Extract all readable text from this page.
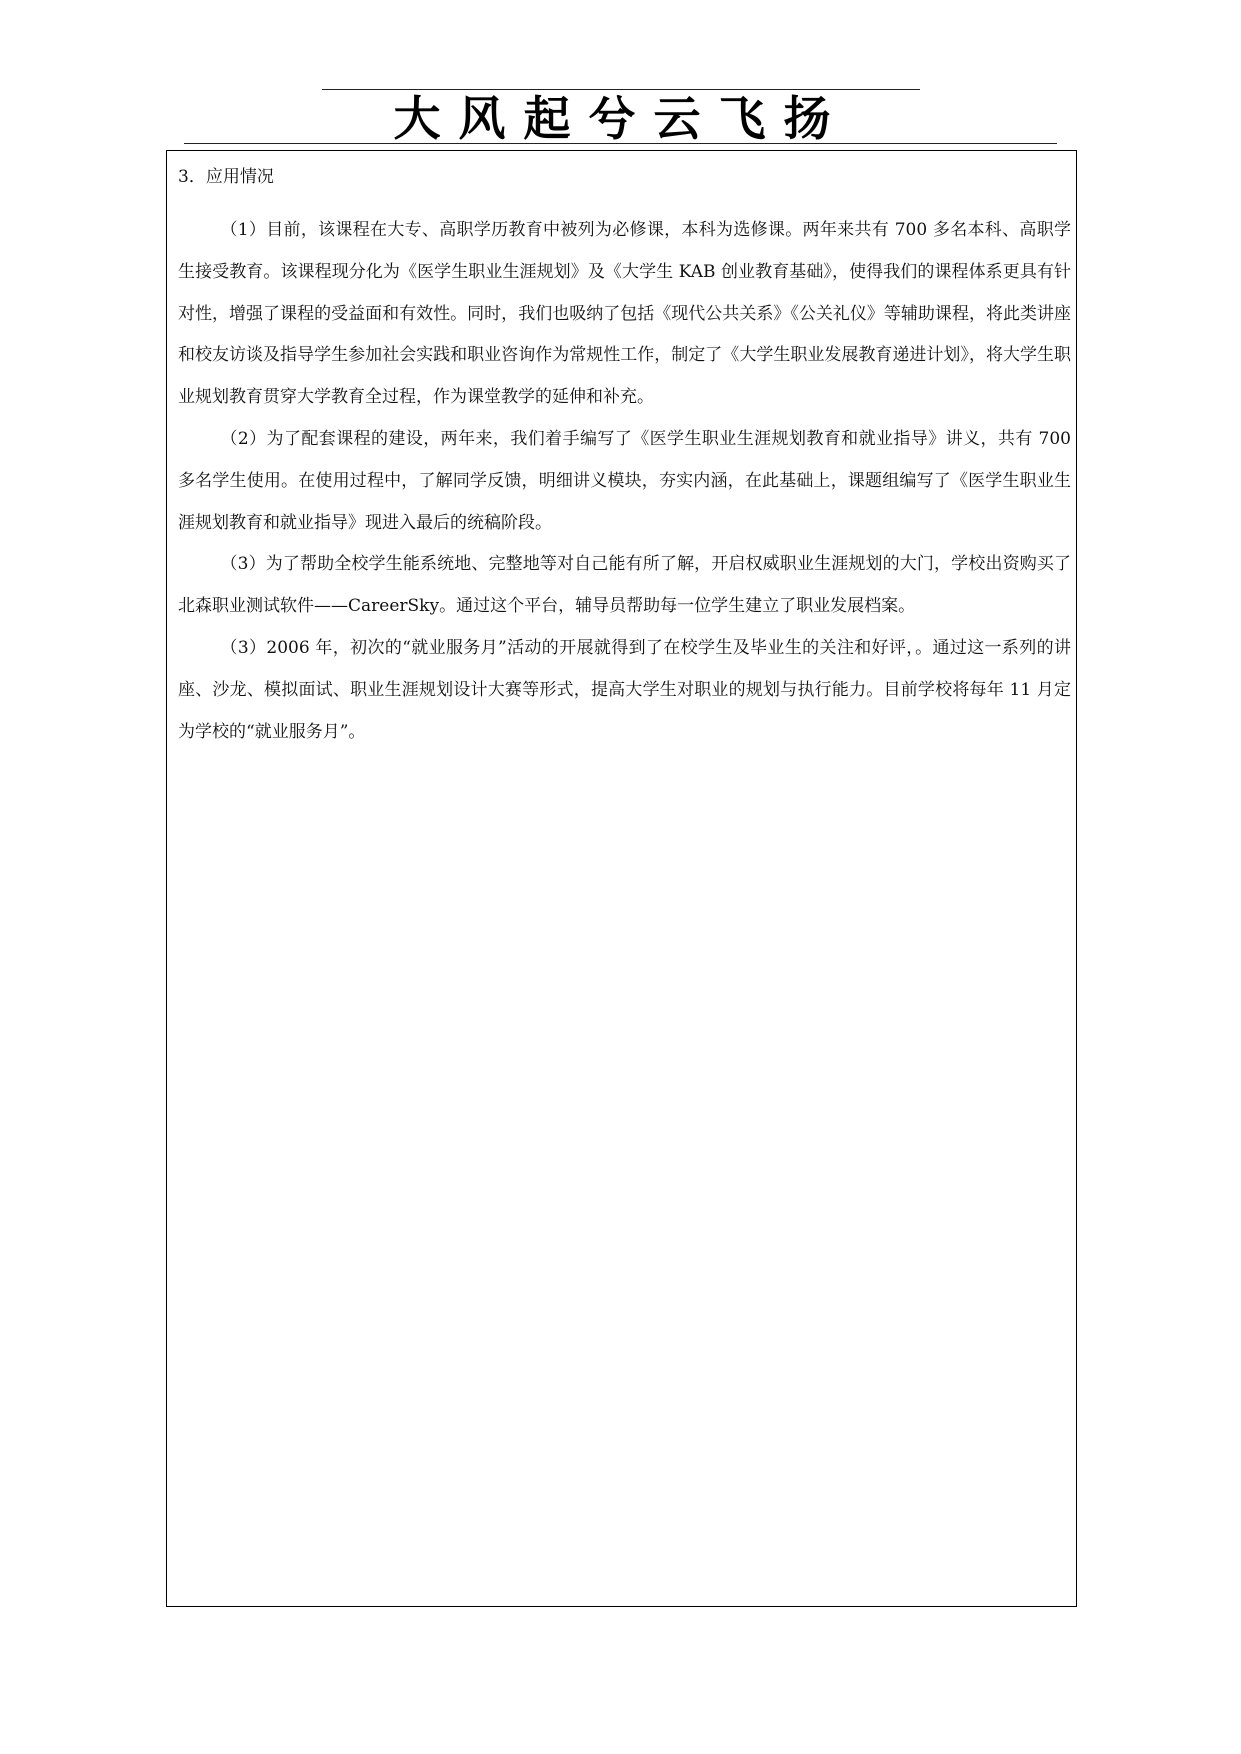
大风起兮云飞扬
3．应用情况

（1）目前，该课程在大专、高职学历教育中被列为必修课，本科为选修课。两年来共有 700 多名本科、高职学生接受教育。该课程现分化为《医学生职业生涯规划》及《大学生 KAB 创业教育基础》，使得我们的课程体系更具有针对性，增强了课程的受益面和有效性。同时，我们也吸纳了包括《现代公共关系》《公关礼仪》等辅助课程，将此类讲座和校友访谈及指导学生参加社会实践和职业咨询作为常规性工作，制定了《大学生职业发展教育递进计划》，将大学生职业规划教育贯穿大学教育全过程，作为课堂教学的延伸和补充。

（2）为了配套课程的建设，两年来，我们着手编写了《医学生职业生涯规划教育和就业指导》讲义，共有 700 多名学生使用。在使用过程中，了解同学反馈，明细讲义模块，夯实内涵，在此基础上，课题组编写了《医学生职业生涯规划教育和就业指导》现进入最后的统稿阶段。

（3）为了帮助全校学生能系统地、完整地等对自己能有所了解，开启权威职业生涯规划的大门，学校出资购买了北森职业测试软件——CareerSky。通过这个平台，辅导员帮助每一位学生建立了职业发展档案。

（3）2006 年，初次的“就业服务月”活动的开展就得到了在校学生及毕业生的关注和好评，。通过这一系列的讲座、沙龙、模拟面试、职业生涯规划设计大赛等形式，提高大学生对职业的规划与执行能力。目前学校将每年 11 月定为学校的“就业服务月”。
